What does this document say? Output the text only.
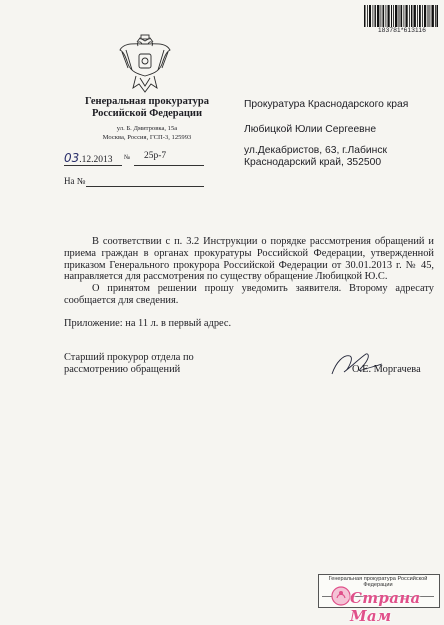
183781*613116
Генеральная прокуратура
Российской Федерации
ул. Б. Дмитровка, 15а
Москва, Россия, ГСП-3, 125993
03.12.2013 № 25р-7
На №
Прокуратура Краснодарского края
Любицкой Юлии Сергеевне
ул.Декабристов, 63, г.Лабинск
Краснодарский край, 352500

В соответствии с п. 3.2 Инструкции о порядке рассмотрения обращений и приема граждан в органах прокуратуры Российской Федерации, утвержденной приказом Генерального прокурора Российской Федерации от 30.01.2013 г. № 45, направляется для рассмотрения по существу обращение Любицкой Ю.С.

О принятом решении прошу уведомить заявителя. Второму адресату сообщается для сведения.

Приложение: на 11 л. в первый адрес.
Старший прокурор отдела по рассмотрению обращений	О.Е. Моргачева
Генеральная прокуратура Российской Федерации
Страна Мам
